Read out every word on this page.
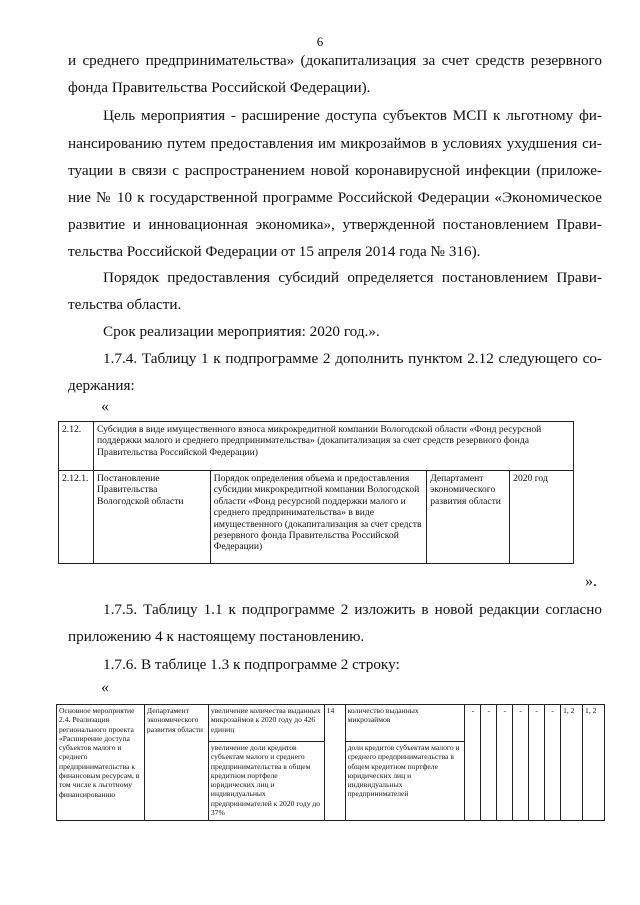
6
и среднего предпринимательства» (докапитализация за счет средств резервного
фонда Правительства Российской Федерации).
Цель мероприятия - расширение доступа субъектов МСП к льготному фи-
нансированию путем предоставления им микрозаймов в условиях ухудшения си-
туации в связи с распространением новой коронавирусной инфекции (приложе-
ние № 10 к государственной программе Российской Федерации «Экономическое
развитие и инновационная экономика», утвержденной постановлением Прави-
тельства Российской Федерации от 15 апреля 2014 года № 316).
Порядок предоставления субсидий определяется постановлением Прави-
тельства области.
Срок реализации мероприятия: 2020 год.».
1.7.4. Таблицу 1 к подпрограмме 2 дополнить пунктом 2.12 следующего со-
держания:
«
2.12.	Субсидия в виде имущественного взноса микрокредитной компании Вологодской области «Фонд ресурсной поддержки малого и среднего предпринимательства» (докапитализация за счет средств резервного фонда Правительства Российской Федерации)			
2.12.1.	Постановление Правительства Вологодской области	Порядок определения объема и предоставления субсидии микрокредитной компании Вологодской области «Фонд ресурсной поддержки малого и среднего предпринимательства» в виде имущественного (докапитализация за счет средств резервного фонда Правительства Российской Федерации)	Департамент экономического развития области	2020 год
».
1.7.5. Таблицу 1.1 к подпрограмме 2 изложить в новой редакции согласно
приложению 4 к настоящему постановлению.
1.7.6. В таблице 1.3 к подпрограмме 2 строку:
«
Основное мероприятие 2.4. Реализация регионального проекта «Расширение доступа субъектов малого и среднего предпринимательства к финансовым ресурсам, в том числе к льготному финансированию	Департамент экономического развития области	увеличение количества выданных микрозаймов к 2020 году до 426 единиц	14	количество выданных микрозаймов	-	-	-	-	-	-	1, 2	1, 2
		увеличение доли кредитов субъектам малого и среднего предпринимательства в общем кредитном портфеле юридических лиц и индивидуальных предпринимателей к 2020 году до 37%		доли кредитов субъектам малого и среднего предпринимательства в общем кредитном портфеле юридических лиц и индивидуальных предпринимателей								
